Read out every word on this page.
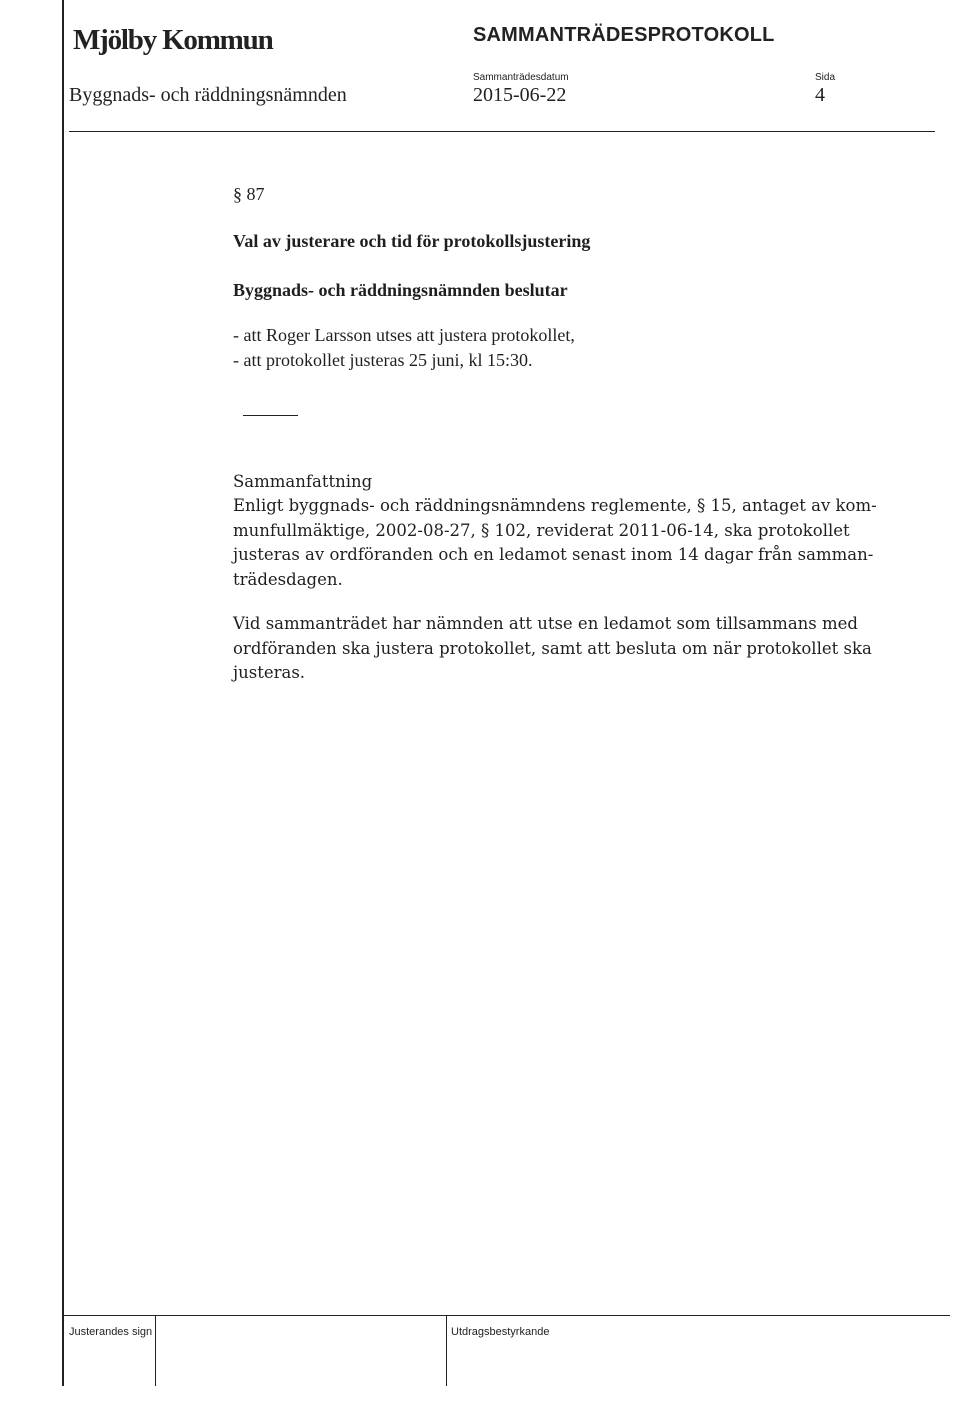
Mjölby Kommun	SAMMANTRÄDESPROTOKOLL
Sammanträdesdatum	Sida
Byggnads- och räddningsnämnden	2015-06-22	4
§ 87
Val av justerare och tid för protokollsjustering
Byggnads- och räddningsnämnden beslutar
- att Roger Larsson utses att justera protokollet,
- att protokollet justeras 25 juni, kl 15:30.
Sammanfattning
Enligt byggnads- och räddningsnämndens reglemente, § 15, antaget av kom-
munfullmäktige, 2002-08-27, § 102, reviderat 2011-06-14, ska protokollet
justeras av ordföranden och en ledamot senast inom 14 dagar från samman-
trädesdagen.
Vid sammanträdet har nämnden att utse en ledamot som tillsammans med
ordföranden ska justera protokollet, samt att besluta om när protokollet ska
justeras.
Justerandes sign	Utdragsbestyrkande
